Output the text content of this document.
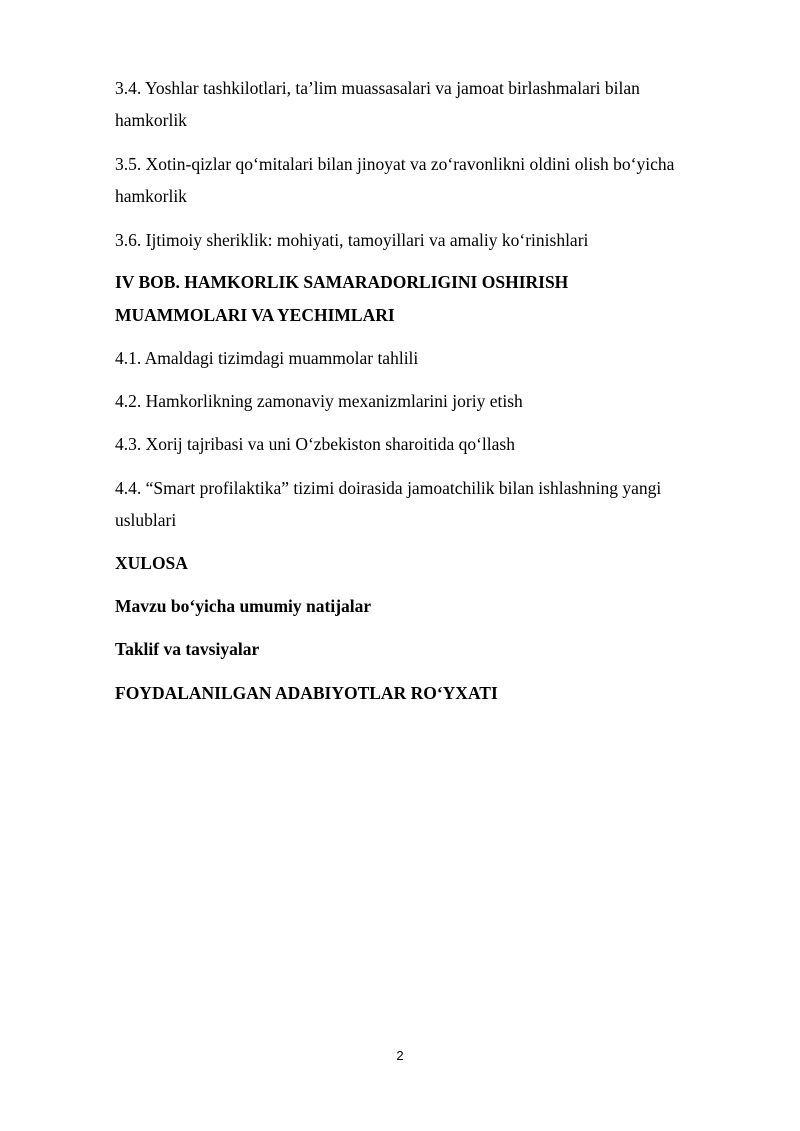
3.4. Yoshlar tashkilotlari, ta’lim muassasalari va jamoat birlashmalari bilan

hamkorlik

3.5. Xotin-qizlar qo‘mitalari bilan jinoyat va zo‘ravonlikni oldini olish bo‘yicha

hamkorlik

3.6. Ijtimoiy sheriklik: mohiyati, tamoyillari va amaliy ko‘rinishlari

IV BOB. HAMKORLIK SAMARADORLIGINI OSHIRISH

MUAMMOLARI VA YECHIMLARI

4.1. Amaldagi tizimdagi muammolar tahlili

4.2. Hamkorlikning zamonaviy mexanizmlarini joriy etish

4.3. Xorij tajribasi va uni O‘zbekiston sharoitida qo‘llash

4.4. “Smart profilaktika” tizimi doirasida jamoatchilik bilan ishlashning yangi

uslublari

XULOSA

Mavzu bo‘yicha umumiy natijalar

Taklif va tavsiyalar

FOYDALANILGAN ADABIYOTLAR RO‘YXATI

2
